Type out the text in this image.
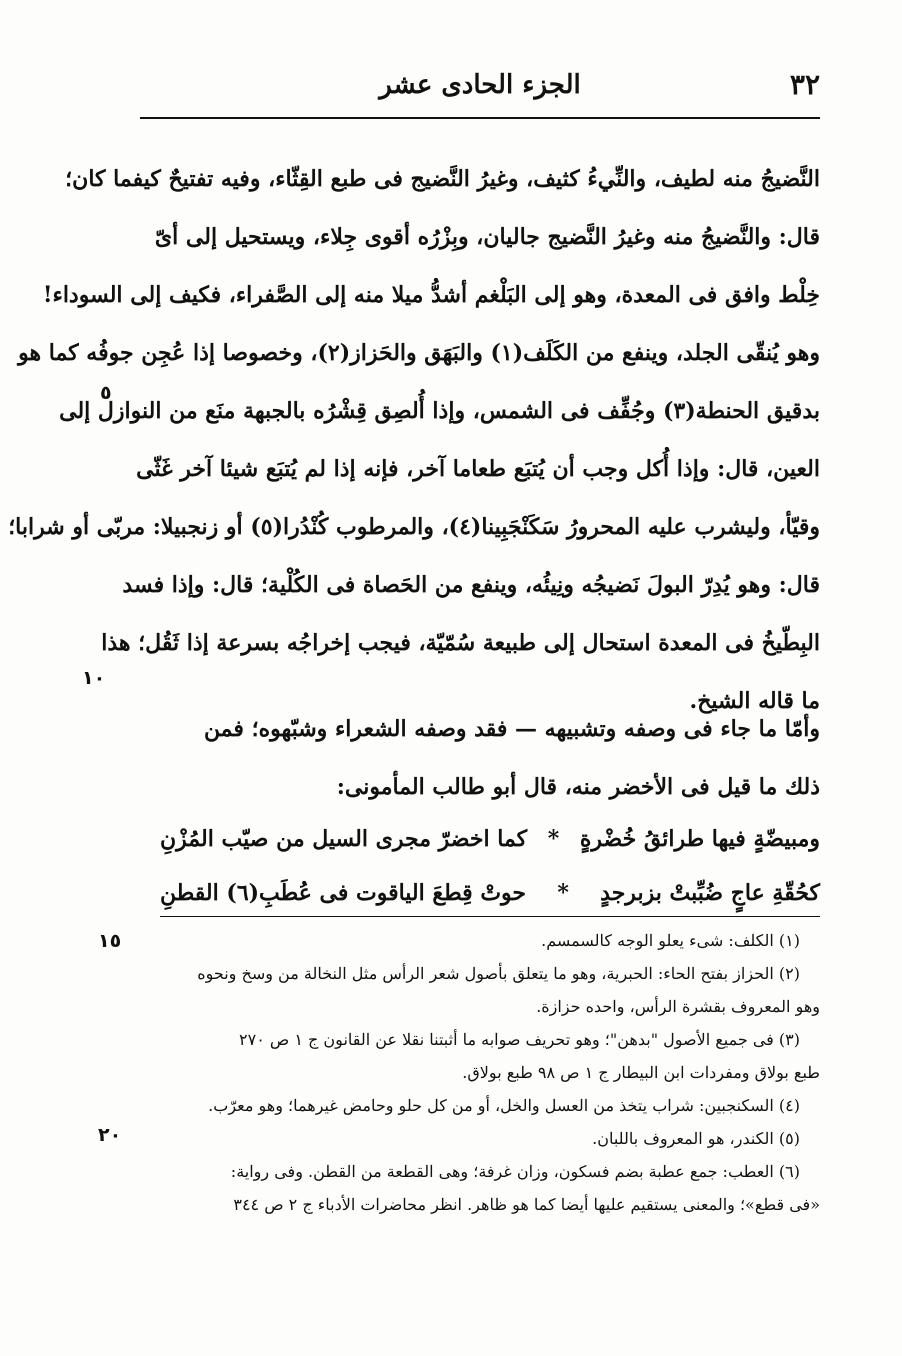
٣٢
الجزء الحادى عشر
النَّضيجُ منه لطيف، والنِّيءُ كثيف، وغيرُ النَّضيج فى طبع القِثّاء، وفيه تفتيحٌ كيفما كان؛
قال: والنَّضيجُ منه وغيرُ النَّضيج جاليان، وبِزْرُه أقوى جِلاء، ويستحيل إلى أىّ
خِلْط وافق فى المعدة، وهو إلى البَلْغم أشدُّ ميلا منه إلى الصَّفراء، فكيف إلى السوداء!
وهو يُنقّى الجلد، وينفع من الكَلَف(١) والبَهَق والحَزاز(٢)، وخصوصا إذا عُجِن جوفُه كما هو
بدقيق الحنطة(٣) وجُفِّف فى الشمس، وإذا أُلصِق قِشْرُه بالجبهة منَع من النوازل إلى
العين، قال: وإذا أُكل وجب أن يُتبَع طعاما آخر، فإنه إذا لم يُتبَع شيئا آخر غَثّى
وقيّأ، وليشرب عليه المحرورُ سَكَنْجَبِينا(٤)، والمرطوب كُنْدُرا(٥) أو زنجبيلا: مربّى أو شرابا؛
قال: وهو يُدِرّ البولَ نَضيجُه ونِيئُه، وينفع من الحَصاة فى الكُلْية؛ قال: وإذا فسد
البِطّيخُ فى المعدة استحال إلى طبيعة سُمّيّة، فيجب إخراجُه بسرعة إذا ثَقُل؛ هذا
ما قاله الشيخ.
وأمّا ما جاء فى وصفه وتشبيهه — فقد وصفه الشعراء وشبّهوه؛ فمن
ذلك ما قيل فى الأخضر منه، قال أبو طالب المأمونى:
ومبيضّةٍ فيها طرائقُ خُضْرةٍ
*
كما اخضرّ مجرى السيل من صيّب المُزْنِ
كحُقّةِ عاجٍ ضُبِّبتْ بزبرجدٍ
*
حوتْ قِطعَ الياقوت فى عُطَبِ(٦) القطنِ
٥
١٠
١٥
٢٠
(١) الكلف: شىء يعلو الوجه كالسمسم.
(٢) الحزاز بفتح الحاء: الحبرية، وهو ما يتعلق بأصول شعر الرأس مثل النخالة من وسخ ونحوه
وهو المعروف بقشرة الرأس، واحده حزازة.
(٣) فى جميع الأصول "بدهن"؛ وهو تحريف صوابه ما أثبتنا نقلا عن القانون ج ١ ص ٢٧٠
طبع بولاق ومفردات ابن البيطار ج ١ ص ٩٨ طبع بولاق.
(٤) السكنجبين: شراب يتخذ من العسل والخل، أو من كل حلو وحامض غيرهما؛ وهو معرّب.
(٥) الكندر، هو المعروف باللبان.
(٦) العطب: جمع عطبة بضم فسكون، وزان غرفة؛ وهى القطعة من القطن. وفى رواية:
«فى قطع»؛ والمعنى يستقيم عليها أيضا كما هو ظاهر. انظر محاضرات الأدباء ج ٢ ص ٣٤٤
